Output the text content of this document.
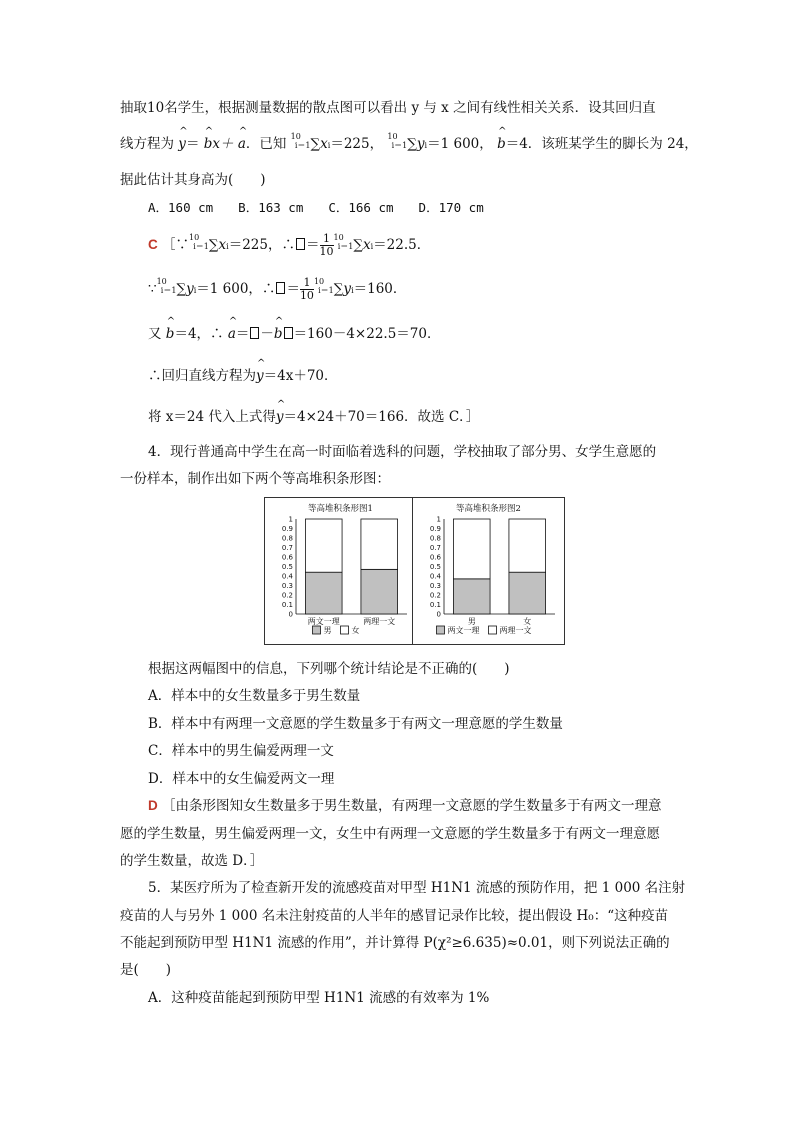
抽取10名学生，根据测量数据的散点图可以看出 y 与 x 之间有线性相关关系．设其回归直
线方程为 ^ y＝ ^ bx＋ ^ a．已知 $^{10}$i＝1∑xi＝225， $^{10}$i＝1∑yi＝1 600， ^ b＝4．该班某学生的脚长为 24，
据此估计其身高为(　　)
A．160 cm　　B．163 cm　　C．166 cm　　D．170 cm
C ［∵$^{10}$i＝1∑xi＝225，∴ ＝ $\frac{1}{10} ^{10}i=1\sum xi=22.5$．
∵$^{10}$i＝1∑yi＝1 600，∴ ＝ $\frac{1}{10} ^{10}i=1\sum yi=160$．
又 ^ b＝4，∴ ^ a＝ －^ b ＝160－4×22.5＝70．
∴回归直线方程为^ y＝4x＋70．
将 x＝24 代入上式得^ y＝4×24＋70＝166．故选 C．］
4．现行普通高中学生在高一时面临着选科的问题，学校抽取了部分男、女学生意愿的
一份样本，制作出如下两个等高堆积条形图：
等高堆积条形图1
0
0.1
0.2
0.3
0.4
0.5
0.6
0.7
0.8
0.9
1
两文一理	两理一文
男	女
等高堆积条形图2
0
0.1
0.2
0.3
0.4
0.5
0.6
0.7
0.8
0.9
1
男	女
两文一理	两理一文
根据这两幅图中的信息，下列哪个统计结论是不正确的(　　)
A．样本中的女生数量多于男生数量
B．样本中有两理一文意愿的学生数量多于有两文一理意愿的学生数量
C．样本中的男生偏爱两理一文
D．样本中的女生偏爱两文一理
D ［由条形图知女生数量多于男生数量，有两理一文意愿的学生数量多于有两文一理意
愿的学生数量，男生偏爱两理一文，女生中有两理一文意愿的学生数量多于有两文一理意愿
的学生数量，故选 D．］
5．某医疗所为了检查新开发的流感疫苗对甲型 H1N1 流感的预防作用，把 1 000 名注射
疫苗的人与另外 1 000 名未注射疫苗的人半年的感冒记录作比较，提出假设 H₀：“这种疫苗
不能起到预防甲型 H1N1 流感的作用”，并计算得 P(χ²≥6.635)≈0.01，则下列说法正确的
是(　　)
A．这种疫苗能起到预防甲型 H1N1 流感的有效率为 1%
